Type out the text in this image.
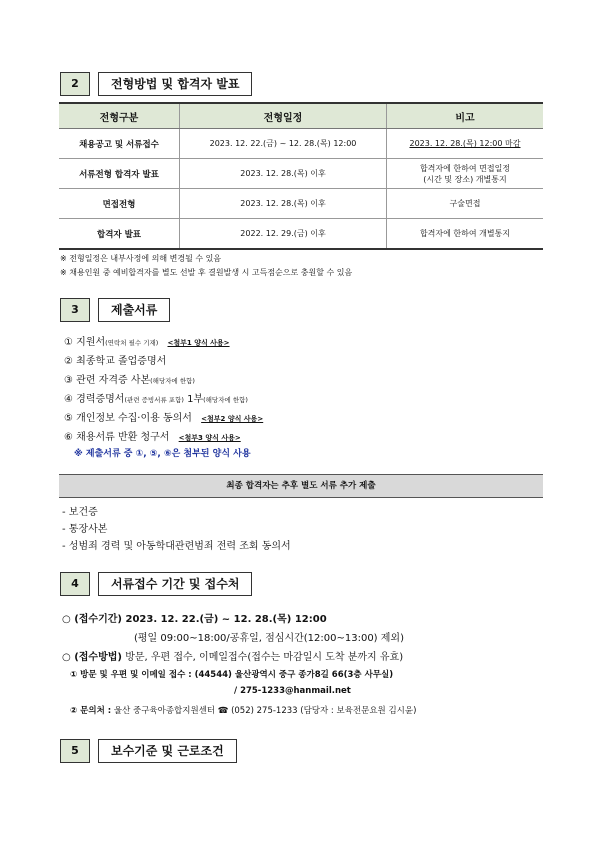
2	전형방법 및 합격자 발표
전형구분	전형일정	비고
채용공고 및 서류접수	2023. 12. 22.(금) ~ 12. 28.(목) 12:00	2023. 12. 28.(목) 12:00 마감
서류전형 합격자 발표	2023. 12. 28.(목) 이후	합격자에 한하여 면접일정
(시간 및 장소) 개별통지

면접전형	2023. 12. 28.(목) 이후	구술면접
합격자 발표	2022. 12. 29.(금) 이후	합격자에 한하여 개별통지
※ 전형일정은 내부사정에 의해 변경될 수 있음
※ 채용인원 중 예비합격자를 별도 선발 후 결원발생 시 고득점순으로 충원할 수 있음
3	제출서류
① 지원서(연락처 필수 기재) <첨부1 양식 사용>
② 최종학교 졸업증명서
③ 관련 자격증 사본(해당자에 한함)
④ 경력증명서(관련 증빙서류 포함) 1부(해당자에 한함)
⑤ 개인정보 수집·이용 동의서 <첨부2 양식 사용>
⑥ 채용서류 반환 청구서 <첨부3 양식 사용>
※ 제출서류 중 ①, ⑤, ⑥은 첨부된 양식 사용
최종 합격자는 추후 별도 서류 추가 제출
- 보건증
- 통장사본
- 성범죄 경력 및 아동학대관련범죄 전력 조회 동의서
4	서류접수 기간 및 접수처
○ (접수기간) 2023. 12. 22.(금) ~ 12. 28.(목) 12:00
(평일 09:00~18:00/공휴일, 점심시간(12:00~13:00) 제외)
○ (접수방법) 방문, 우편 접수, 이메일접수(접수는 마감일시 도착 분까지 유효)
① 방문 및 우편 및 이메일 접수 : (44544) 울산광역시 중구 종가8길 66(3층 사무실)
/ 275-1233@hanmail.net
② 문의처 : 울산 중구육아종합지원센터 ☎ (052) 275-1233 (담당자 : 보육전문요원 김시윤)
5	보수기준 및 근로조건
